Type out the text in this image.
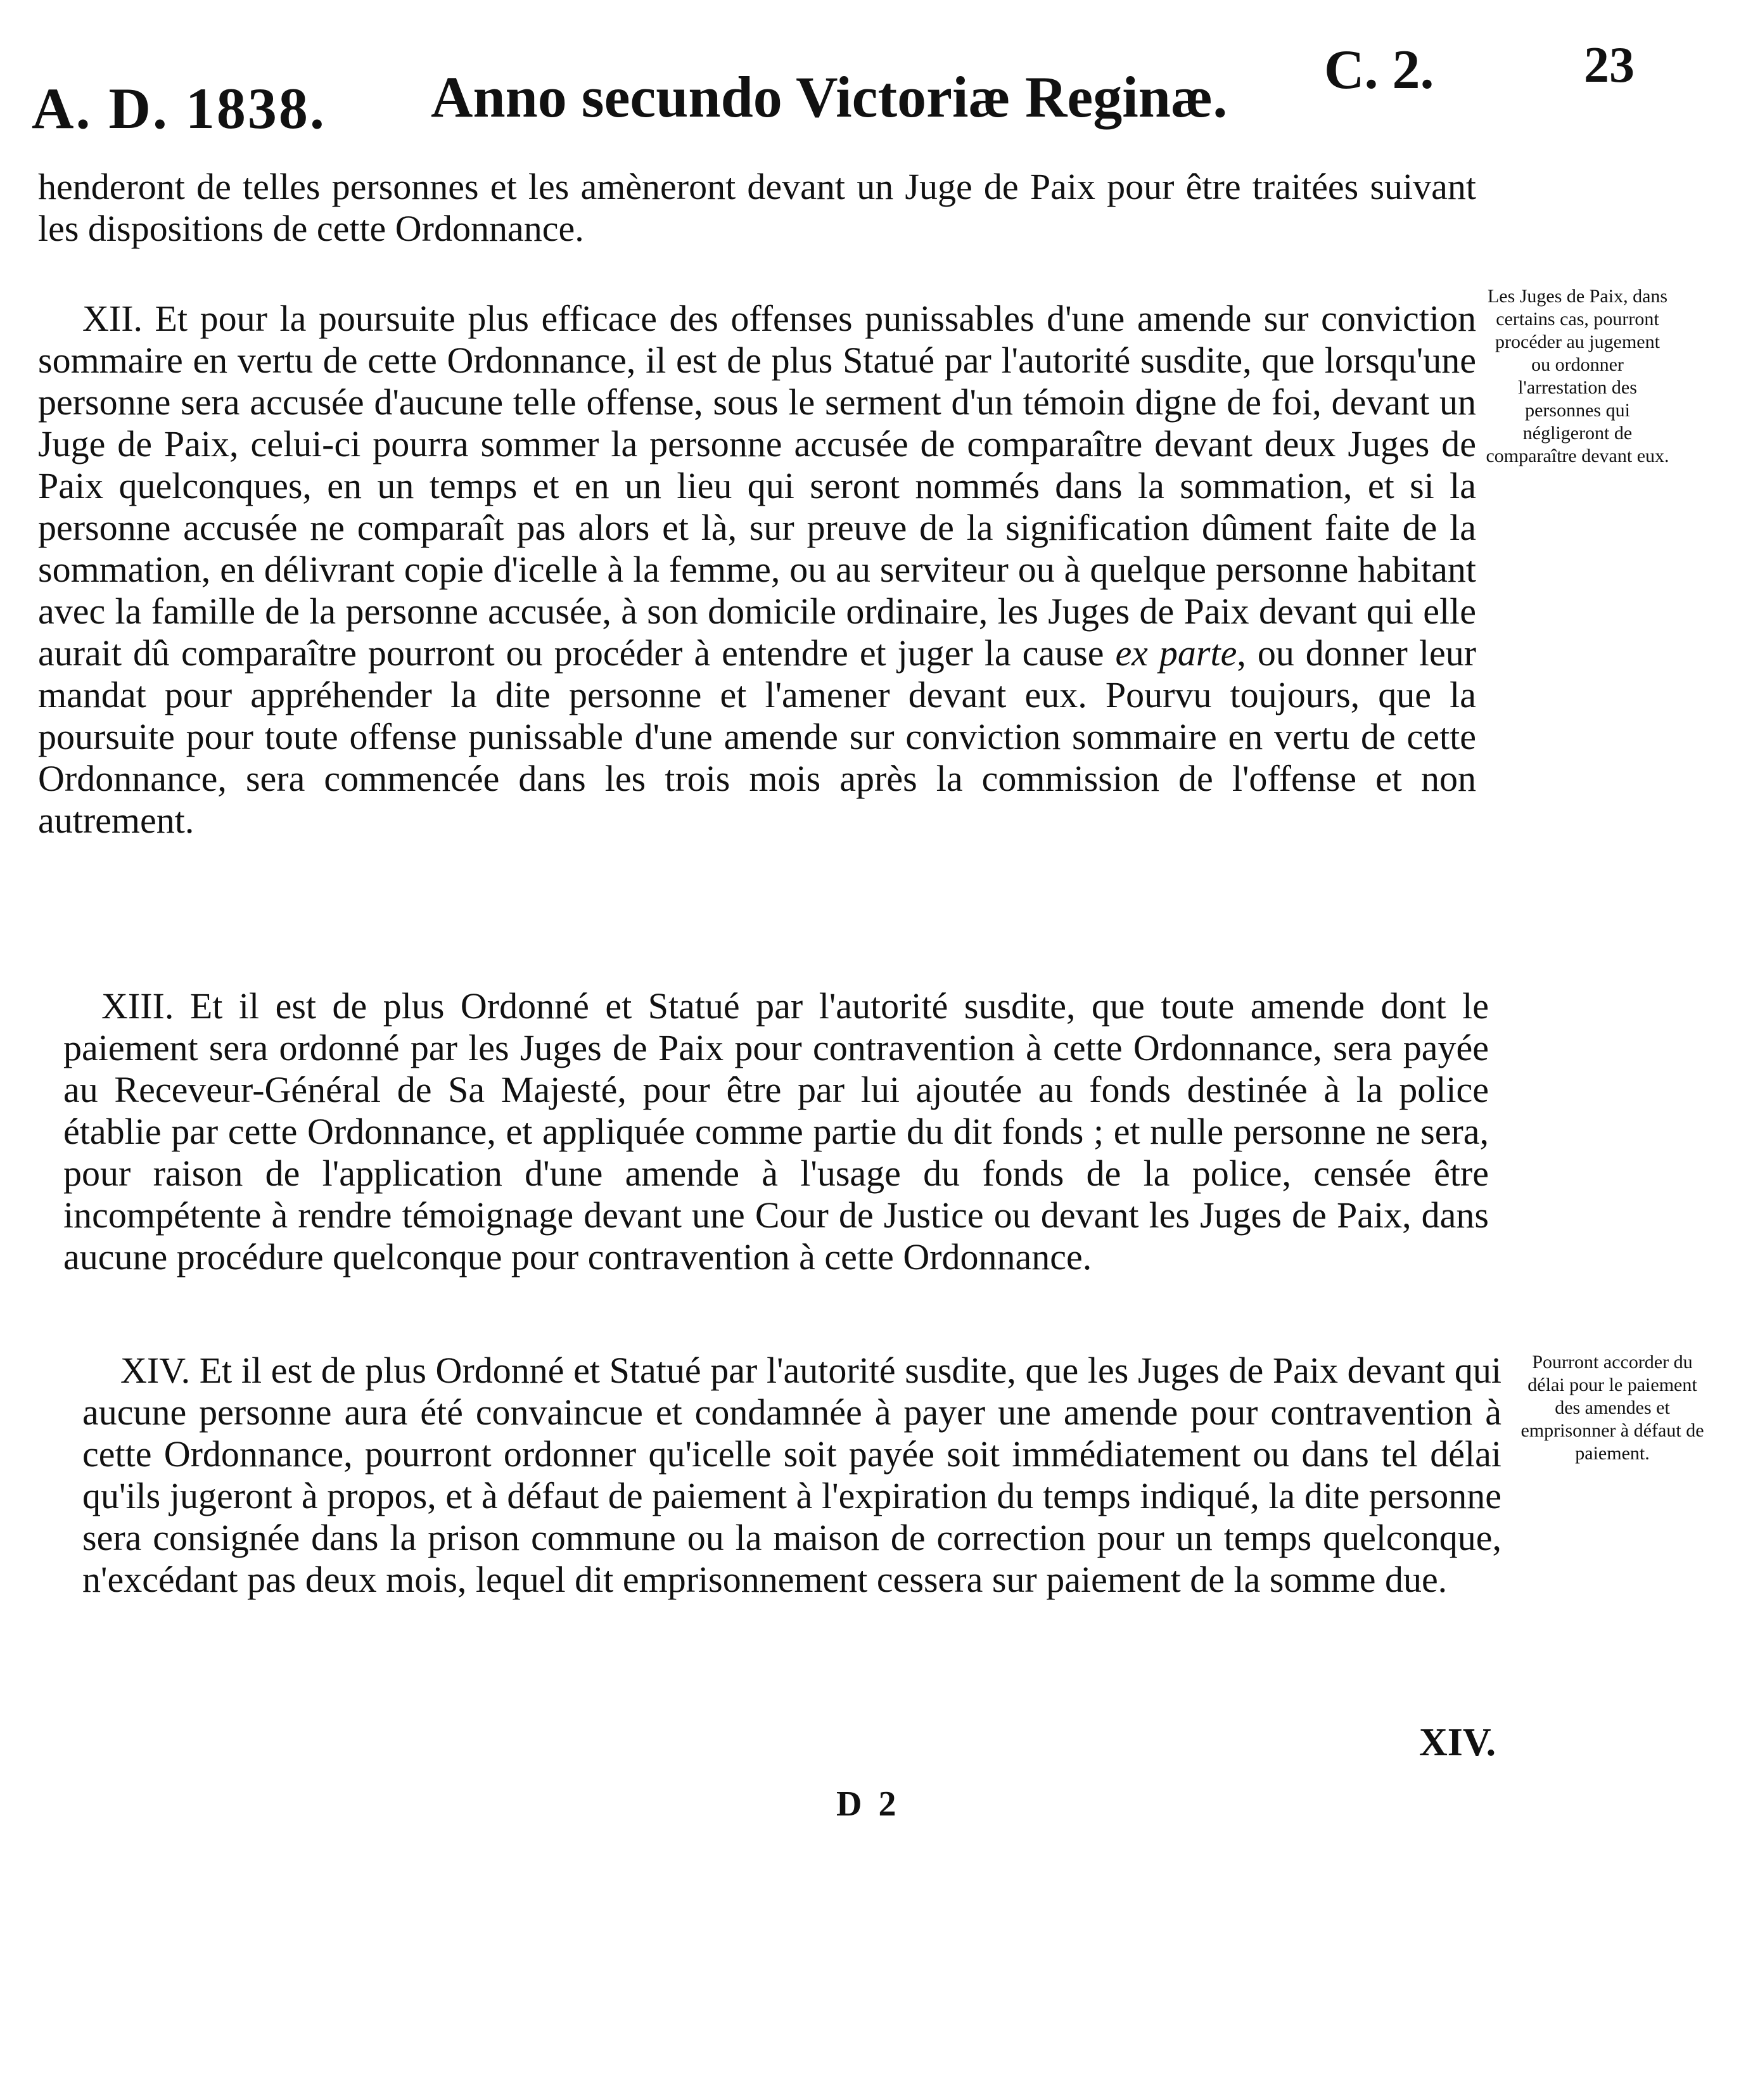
A. D. 1838. Anno secundo Victoriæ Reginæ. C. 2.	23

henderont de telles personnes et les amèneront devant un Juge de Paix pour être traitées suivant les dispositions de cette Ordonnance.

XII. Et pour la poursuite plus efficace des offenses punissables d'une amende sur conviction sommaire en vertu de cette Ordonnance, il est de plus Statué par l'autorité susdite, que lorsqu'une personne sera accusée d'aucune telle offense, sous le serment d'un témoin digne de foi, devant un Juge de Paix, celui-ci pourra sommer la personne accusée de comparaître devant deux Juges de Paix quelconques, en un temps et en un lieu qui seront nommés dans la sommation, et si la personne accusée ne comparaît pas alors et là, sur preuve de la signification dûment faite de la sommation, en délivrant copie d'icelle à la femme, ou au serviteur ou à quelque personne habitant avec la famille de la personne accusée, à son domicile ordinaire, les Juges de Paix devant qui elle aurait dû comparaître pourront ou procéder à entendre et juger la cause ex parte, ou donner leur mandat pour appréhender la dite personne et l'amener devant eux. Pourvu toujours, que la poursuite pour toute offense punissable d'une amende sur conviction sommaire en vertu de cette Ordonnance, sera commencée dans les trois mois après la commission de l'offense et non autrement.

Les Juges de Paix, dans certains cas, pourront procéder au jugement ou ordonner l'arrestation des personnes qui négligeront de comparaître devant eux.

XIII. Et il est de plus Ordonné et Statué par l'autorité susdite, que toute amende dont le paiement sera ordonné par les Juges de Paix pour contravention à cette Ordonnance, sera payée au Receveur-Général de Sa Majesté, pour être par lui ajoutée au fonds destinée à la police établie par cette Ordonnance, et appliquée comme partie du dit fonds ; et nulle personne ne sera, pour raison de l'application d'une amende à l'usage du fonds de la police, censée être incompétente à rendre témoignage devant une Cour de Justice ou devant les Juges de Paix, dans aucune procédure quelconque pour contravention à cette Ordonnance.

XIV. Et il est de plus Ordonné et Statué par l'autorité susdite, que les Juges de Paix devant qui aucune personne aura été convaincue et condamnée à payer une amende pour contravention à cette Ordonnance, pourront ordonner qu'icelle soit payée soit immédiatement ou dans tel délai qu'ils jugeront à propos, et à défaut de paiement à l'expiration du temps indiqué, la dite personne sera consignée dans la prison commune ou la maison de correction pour un temps quelconque, n'excédant pas deux mois, lequel dit emprisonnement cessera sur paiement de la somme due.

Pourront accorder du délai pour le paiement des amendes et emprisonner à défaut de paiement.
XIV.
D 2
